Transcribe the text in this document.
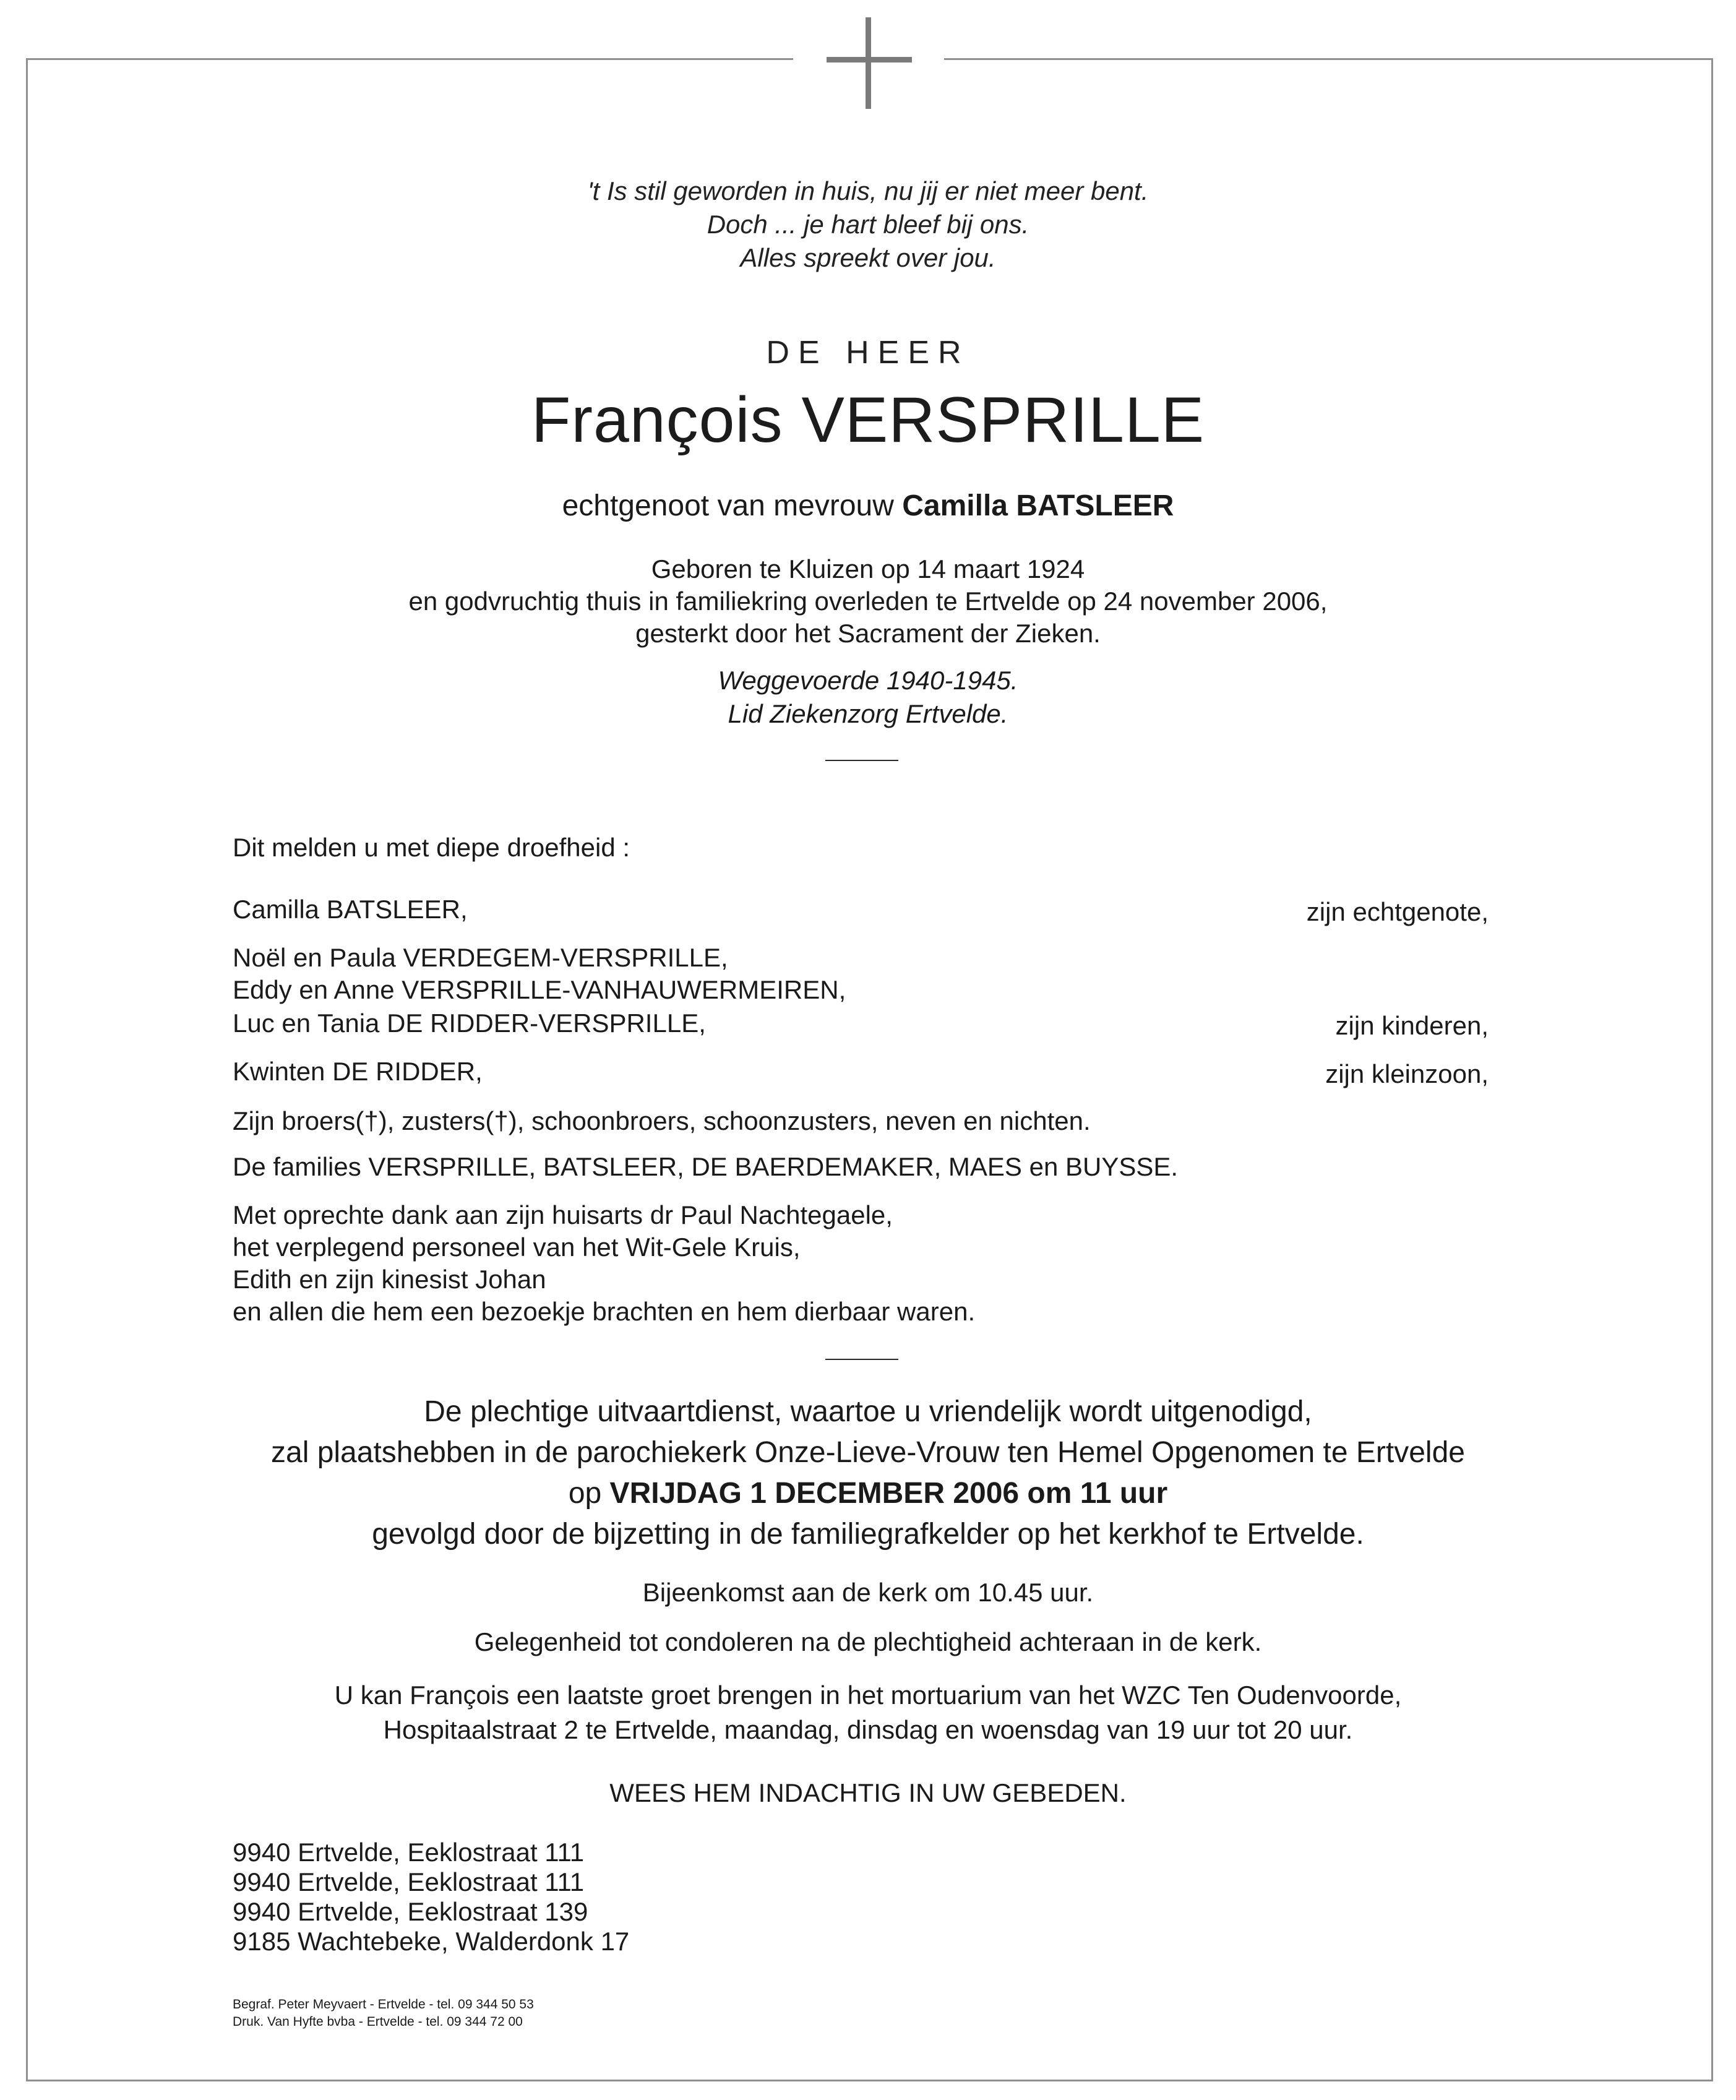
't Is stil geworden in huis, nu jij er niet meer bent.
Doch ... je hart bleef bij ons.
Alles spreekt over jou.
DE HEER
François VERSPRILLE
echtgenoot van mevrouw Camilla BATSLEER
Geboren te Kluizen op 14 maart 1924
en godvruchtig thuis in familiekring overleden te Ertvelde op 24 november 2006,
gesterkt door het Sacrament der Zieken.
Weggevoerde 1940-1945.
Lid Ziekenzorg Ertvelde.
Dit melden u met diepe droefheid :
Camilla BATSLEER,	zijn echtgenote,
Noël en Paula VERDEGEM-VERSPRILLE,
Eddy en Anne VERSPRILLE-VANHAUWERMEIREN,
Luc en Tania DE RIDDER-VERSPRILLE,	zijn kinderen,
Kwinten DE RIDDER,	zijn kleinzoon,
Zijn broers(†), zusters(†), schoonbroers, schoonzusters, neven en nichten.
De families VERSPRILLE, BATSLEER, DE BAERDEMAKER, MAES en BUYSSE.
Met oprechte dank aan zijn huisarts dr Paul Nachtegaele,
het verplegend personeel van het Wit-Gele Kruis,
Edith en zijn kinesist Johan
en allen die hem een bezoekje brachten en hem dierbaar waren.
De plechtige uitvaartdienst, waartoe u vriendelijk wordt uitgenodigd,
zal plaatshebben in de parochiekerk Onze-Lieve-Vrouw ten Hemel Opgenomen te Ertvelde
op VRIJDAG 1 DECEMBER 2006 om 11 uur
gevolgd door de bijzetting in de familiegrafkelder op het kerkhof te Ertvelde.
Bijeenkomst aan de kerk om 10.45 uur.
Gelegenheid tot condoleren na de plechtigheid achteraan in de kerk.
U kan François een laatste groet brengen in het mortuarium van het WZC Ten Oudenvoorde,
Hospitaalstraat 2 te Ertvelde, maandag, dinsdag en woensdag van 19 uur tot 20 uur.
WEES HEM INDACHTIG IN UW GEBEDEN.
9940 Ertvelde, Eeklostraat 111
9940 Ertvelde, Eeklostraat 111
9940 Ertvelde, Eeklostraat 139
9185 Wachtebeke, Walderdonk 17
Begraf. Peter Meyvaert - Ertvelde - tel. 09 344 50 53
Druk. Van Hyfte bvba - Ertvelde - tel. 09 344 72 00
